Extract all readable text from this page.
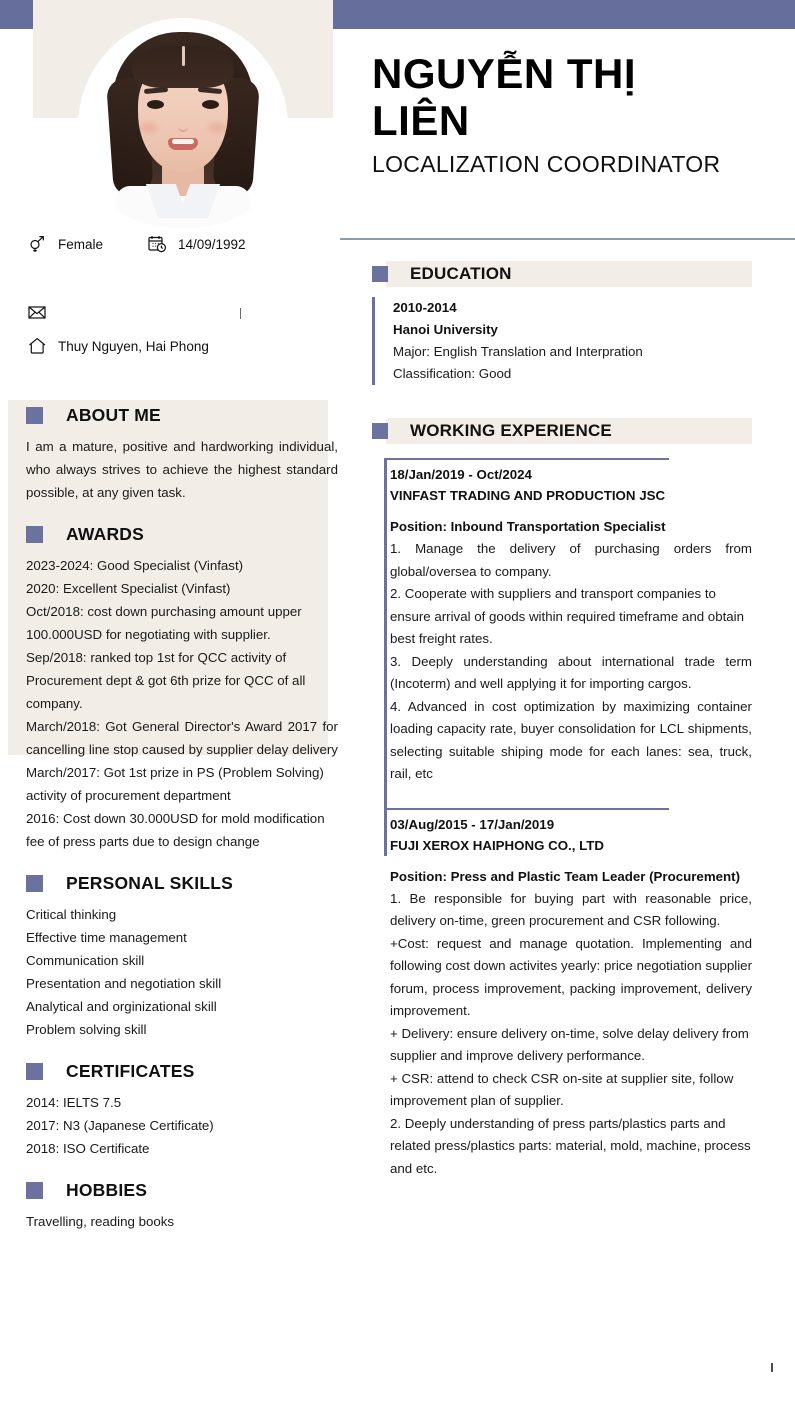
Female	14/09/1992
Thuy Nguyen, Hai Phong
ABOUT ME

I am a mature, positive and hardworking individual, who always strives to achieve the highest standard possible, at any given task.

AWARDS

2023-2024: Good Specialist (Vinfast)

2020: Excellent Specialist (Vinfast)

Oct/2018: cost down purchasing amount upper 100.000USD for negotiating with supplier.

Sep/2018: ranked top 1st for QCC activity of Procurement dept & got 6th prize for QCC of all company.

March/2018: Got General Director's Award 2017 for cancelling line stop caused by supplier delay delivery

March/2017: Got 1st prize in PS (Problem Solving) activity of procurement department

2016: Cost down 30.000USD for mold modification fee of press parts due to design change

PERSONAL SKILLS

Critical thinking

Effective time management

Communication skill

Presentation and negotiation skill

Analytical and orginizational skill

Problem solving skill

CERTIFICATES

2014: IELTS 7.5

2017: N3 (Japanese Certificate)

2018: ISO Certificate

HOBBIES

Travelling, reading books

NGUYỄN THỊ
LIÊN
LOCALIZATION COORDINATOR
EDUCATION
2010-2014
Hanoi University
Major: English Translation and Interpration
Classification: Good
WORKING EXPERIENCE
18/Jan/2019 - Oct/2024
VINFAST TRADING AND PRODUCTION JSC
Position: Inbound Transportation Specialist
1. Manage the delivery of purchasing orders from global/oversea to company.
2. Cooperate with suppliers and transport companies to ensure arrival of goods within required timeframe and obtain best freight rates.
3. Deeply understanding about international trade term (Incoterm) and well applying it for importing cargos.
4. Advanced in cost optimization by maximizing container loading capacity rate, buyer consolidation for LCL shipments, selecting suitable shiping mode for each lanes: sea, truck, rail, etc
03/Aug/2015 - 17/Jan/2019
FUJI XEROX HAIPHONG CO., LTD
Position: Press and Plastic Team Leader (Procurement)
1. Be responsible for buying part with reasonable price, delivery on-time, green procurement and CSR following.
+Cost: request and manage quotation. Implementing and following cost down activites yearly: price negotiation supplier forum, process improvement, packing improvement, delivery improvement.
+ Delivery: ensure delivery on-time, solve delay delivery from supplier and improve delivery performance.
+ CSR: attend to check CSR on-site at supplier site, follow improvement plan of supplier.
2. Deeply understanding of press parts/plastics parts and related press/plastics parts: material, mold, machine, process and etc.
